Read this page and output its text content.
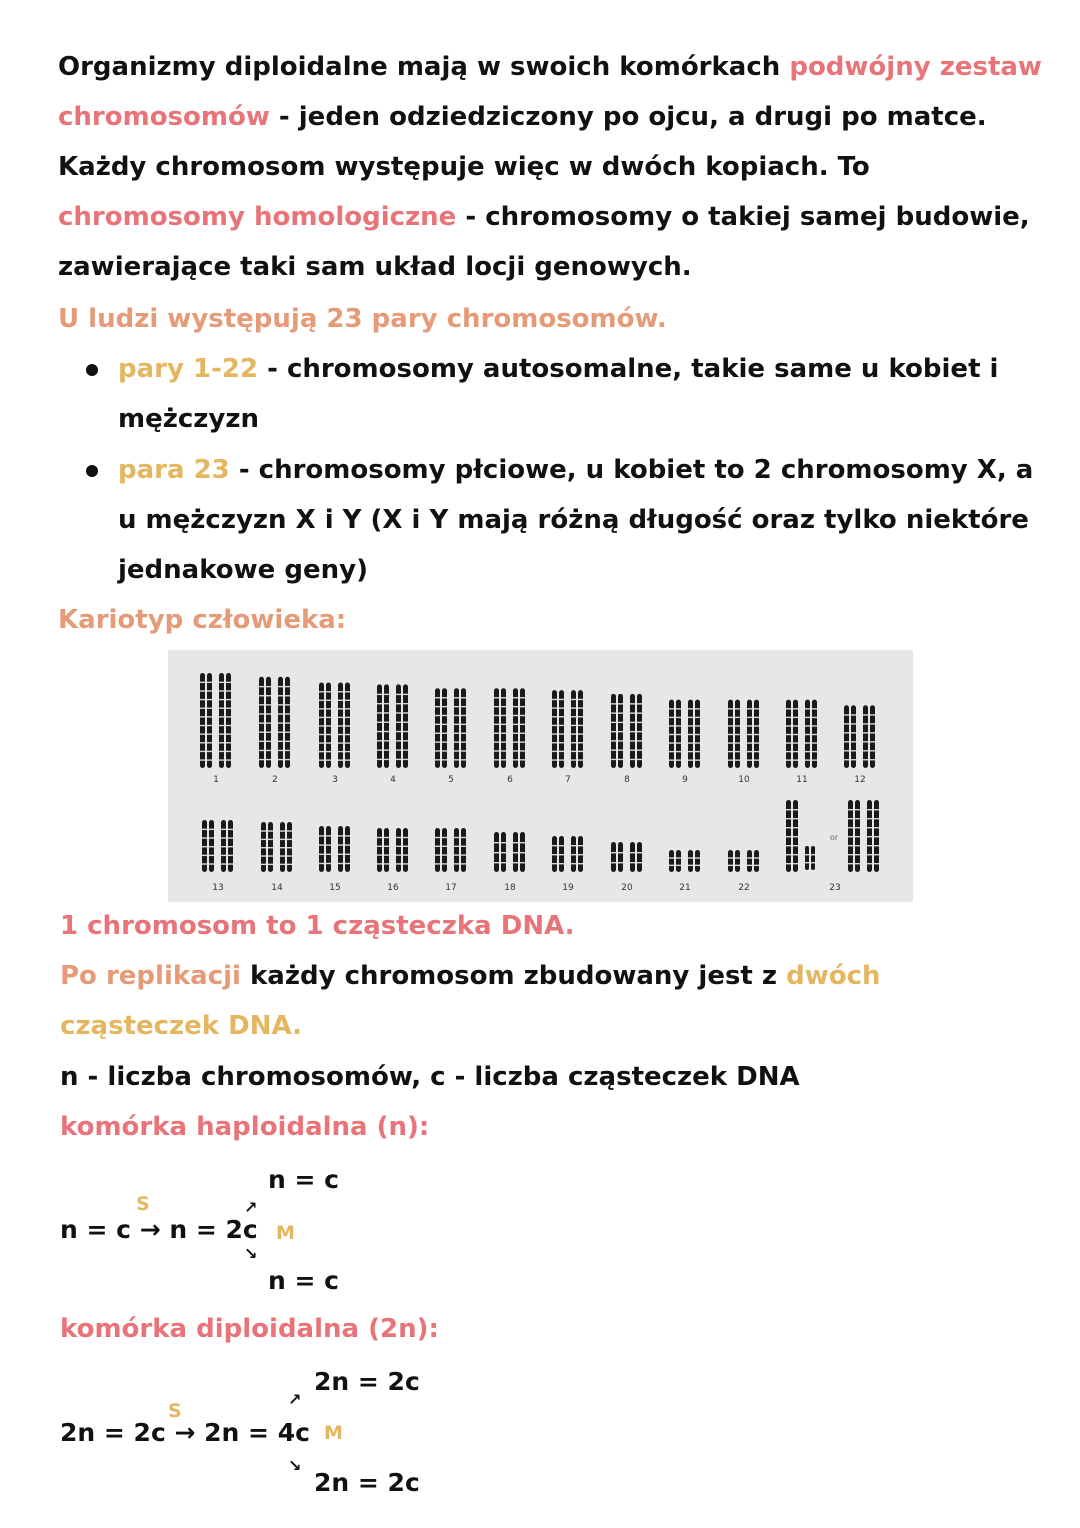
Organizmy diploidalne mają w swoich komórkach podwójny zestaw
chromosomów - jeden odziedziczony po ojcu, a drugi po matce.
Każdy chromosom występuje więc w dwóch kopiach. To
chromosomy homologiczne - chromosomy o takiej samej budowie,
zawierające taki sam układ locji genowych.
U ludzi występują 23 pary chromosomów.
pary 1-22 - chromosomy autosomalne, takie same u kobiet i
mężczyzn
para 23 - chromosomy płciowe, u kobiet to 2 chromosomy X, a
u mężczyzn X i Y (X i Y mają różną długość oraz tylko niektóre
jednakowe geny)
Kariotyp człowieka:
1	2	3	4	5	6	7	8	9	10	11	12
13	14	15	16	17	18	19	20	21	22	23
or
1 chromosom to 1 cząsteczka DNA.
Po replikacji każdy chromosom zbudowany jest z dwóch
cząsteczek DNA.
n - liczba chromosomów, c - liczba cząsteczek DNA
komórka haploidalna (n):
n = c
S
n = c → n = 2c
↗
↘
M
n = c
komórka diploidalna (2n):
2n = 2c
S
2n = 2c → 2n = 4c
↗
↘
M
2n = 2c
